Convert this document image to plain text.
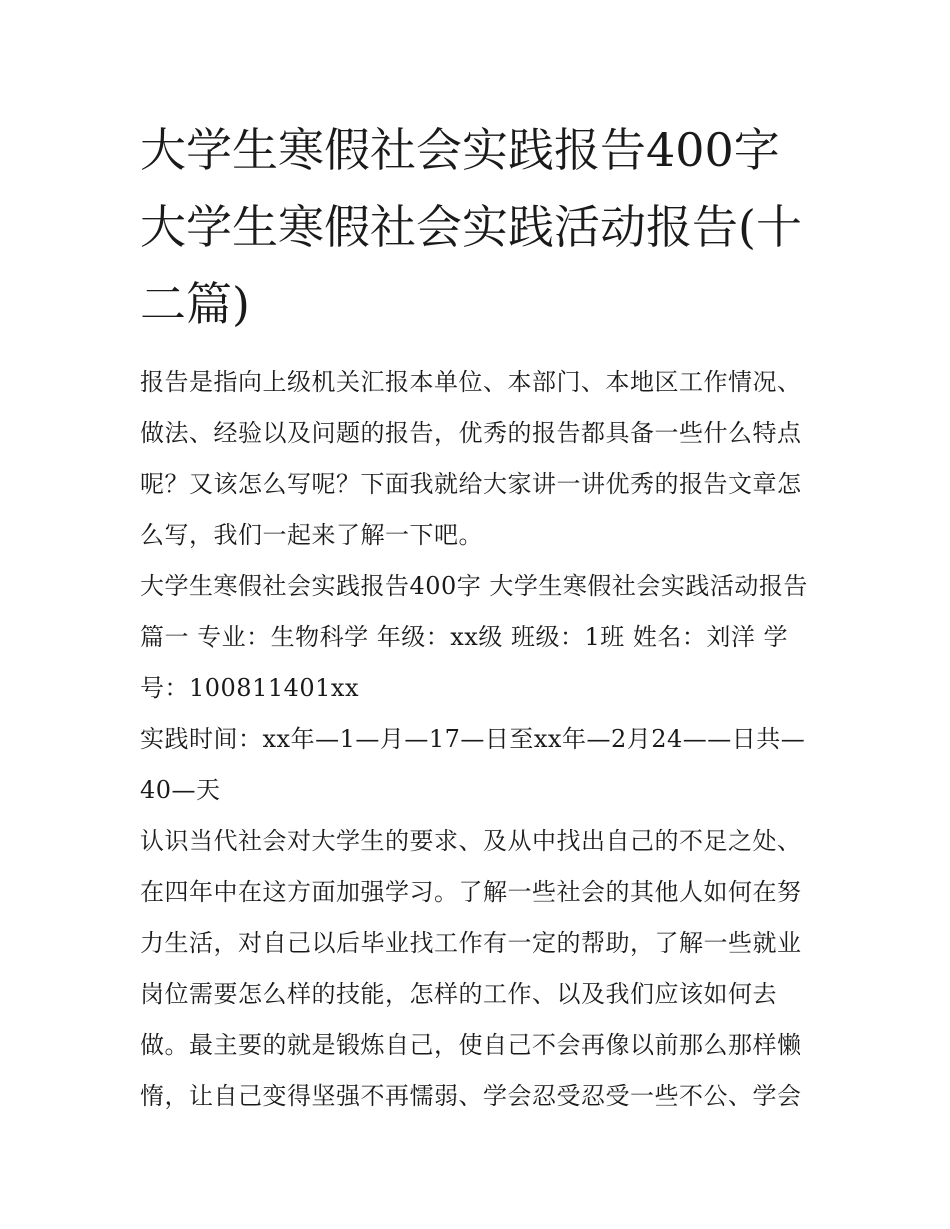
大学生寒假社会实践报告400字 大学生寒假社会实践活动报告(十二篇)

报告是指向上级机关汇报本单位、本部门、本地区工作情况、做法、经验以及问题的报告，优秀的报告都具备一些什么特点呢？又该怎么写呢？下面我就给大家讲一讲优秀的报告文章怎么写，我们一起来了解一下吧。

大学生寒假社会实践报告400字 大学生寒假社会实践活动报告篇一 专业：生物科学 年级：xx级 班级：1班 姓名：刘洋 学号：100811401xx

实践时间：xx年—1—月—17—日至xx年—2月24——日共—40—天

认识当代社会对大学生的要求、及从中找出自己的不足之处、在四年中在这方面加强学习。了解一些社会的其他人如何在努力生活，对自己以后毕业找工作有一定的帮助，了解一些就业岗位需要怎么样的技能，怎样的工作、以及我们应该如何去做。最主要的就是锻炼自己，使自己不会再像以前那么那样懒惰，让自己变得坚强不再懦弱、学会忍受忍受一些不公、学会
